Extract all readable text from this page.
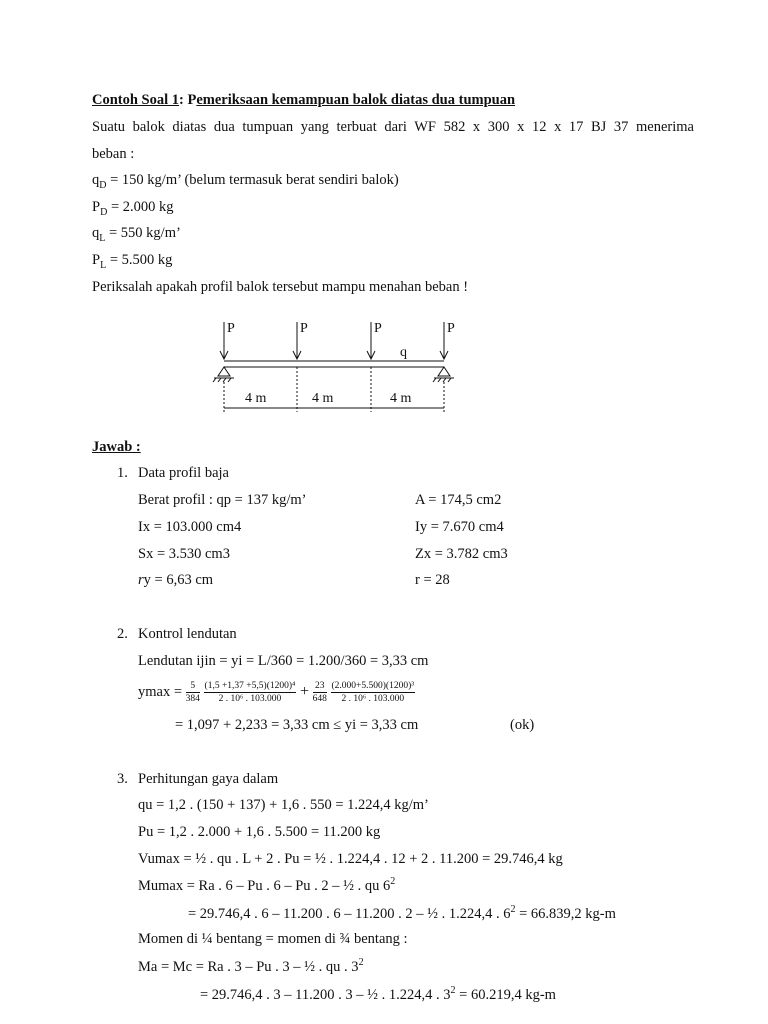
Contoh Soal 1: Pemeriksaan kemampuan balok diatas dua tumpuan
Suatu balok diatas dua tumpuan yang terbuat dari WF 582 x 300 x 12 x 17 BJ 37 menerima
beban :
$q_D = 150$ kg/m’ (belum termasuk berat sendiri balok)
$P_D = 2.000$ kg
$q_L = 550$ kg/m’
$P_L = 5.500$ kg
Periksalah apakah profil balok tersebut mampu menahan beban !
P	P	P	P
q
4 m	4 m	4 m
Jawab :
1. Data profil baja
Berat profil : qp = 137 kg/m’	A = 174,5 cm2
Ix = 103.000 cm4	Iy = 7.670 cm4
Sx = 3.530 cm3	Zx = 3.782 cm3
ry = 6,63 cm	r = 28
2. Kontrol lendutan
Lendutan ijin = yi = L/360 = 1.200/360 = 3,33 cm
$ymax = \frac{5}{384}$
$\frac{\text{(1,5 +1,37 +5,5)(1200)⁴}}{\text{2 . 10⁶ . 103.000}} + \frac{23}{648}$
$\frac{\text{(2.000+5.500)(1200)³}}{\text{2 . 10⁶ . 103.000}}$
= 1,097 + 2,233 = 3,33 cm ≤ yi = 3,33 cm	(ok)
3. Perhitungan gaya dalam
qu = 1,2 . (150 + 137) + 1,6 . 550 = 1.224,4 kg/m’
Pu = 1,2 . 2.000 + 1,6 . 5.500 = 11.200 kg
Vumax = ½ . qu . L + 2 . Pu = ½ . 1.224,4 . 12 + 2 . 11.200 = 29.746,4 kg
Mumax = Ra . 6 – Pu . 6 – Pu . 2 – ½ . qu $6^2$
= 29.746,4 . 6 – 11.200 . 6 – 11.200 . 2 – ½ . 1.224,4 . $6^2 = 66.839,2$ kg-m
Momen di ¼ bentang = momen di ¾ bentang :
Ma = Mc = Ra . 3 – Pu . 3 – ½ . qu . $3^2$
= 29.746,4 . 3 – 11.200 . 3 – ½ . 1.224,4 . $3^2 = 60.219,4$ kg-m
